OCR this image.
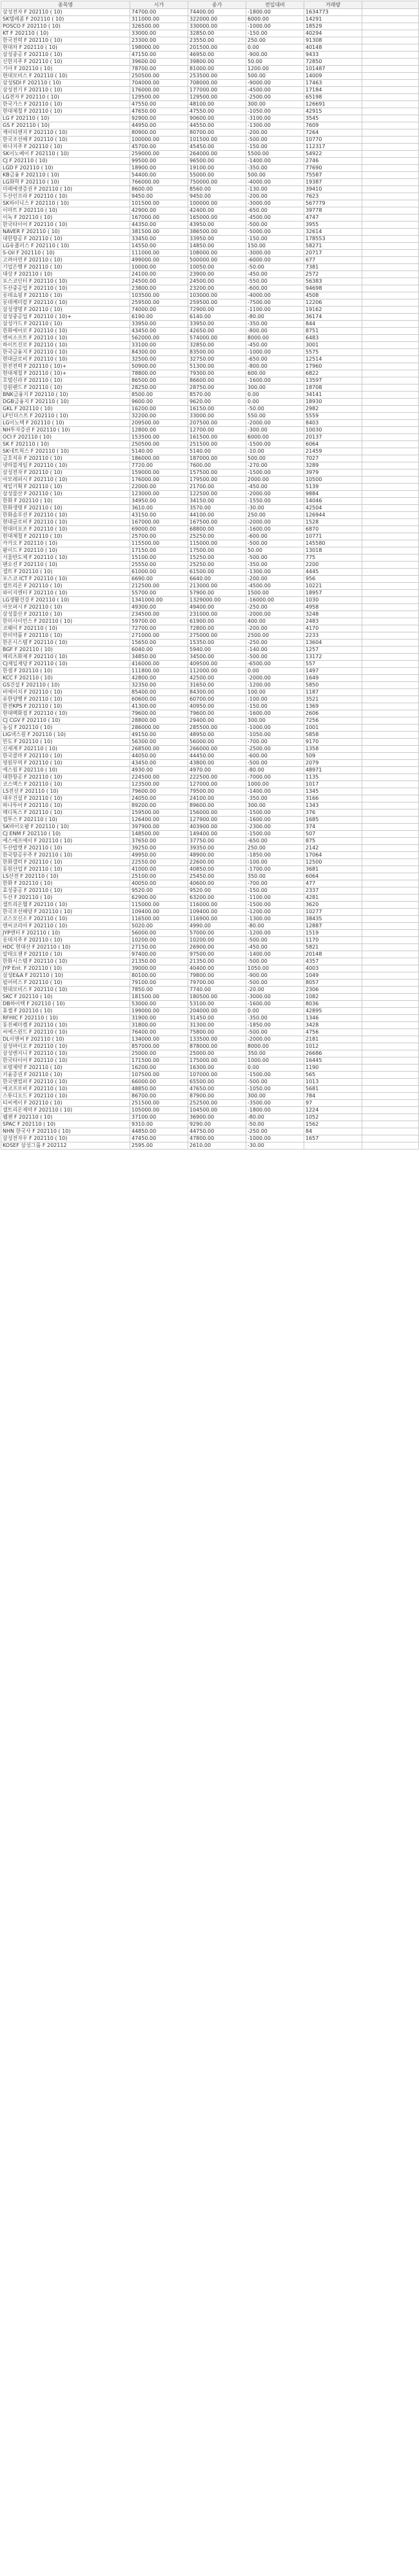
종목명	시가	종가	전일대비	거래량	
삼성전자 F 202110 ( 10)	74700.00	74400.00	-1800.00	1634773	
SK텔레콤 F 202110 ( 10)	311000.00	322000.00	6000.00	14291	
POSCO F 202110 ( 10)	326500.00	330000.00	-1000.00	18529	
KT F 202110 ( 10)	33000.00	32850.00	-150.00	40294	
한국전력 F 202110 ( 10)	23300.00	23550.00	250.00	91308	
현대차 F 202110 ( 10)	198000.00	201500.00	0.00	40148	
삼성중공 F 202110 ( 10)	47150.00	46950.00	-900.00	9433	
신한지주 F 202110 ( 10)	39600.00	39800.00	50.00	72850	
기아 F 202110 ( 10)	78700.00	81000.00	1200.00	101487	
현대모비스 F 202110 ( 10)	250500.00	253500.00	500.00	14009	
삼성SDI F 202110 ( 10)	704000.00	708000.00	-9000.00	17463	
삼성전기 F 202110 ( 10)	176000.00	177000.00	-4500.00	17184	
LG전자 F 202110 ( 10)	129500.00	129500.00	-2500.00	65198	
한국가스 F 202110 ( 10)	47550.00	48100.00	300.00	126691	
현대제철 F 202110 ( 10)	47650.00	47550.00	-1050.00	42915	
LG F 202110 ( 10)	92900.00	90600.00	-3100.00	3545	
GS F 202110 ( 10)	44950.00	44550.00	-1300.00	7609	
케이티앤지 F 202110 ( 10)	80900.00	80700.00	-200.00	7264	
한국조선해 F 202110 ( 10)	100000.00	101500.00	-500.00	10770	
하나지주 F 202110 ( 10)	45700.00	45450.00	-150.00	112317	
SK이노베이 F 202110 ( 10)	259000.00	264000.00	5500.00	54922	
CJ F 202110 ( 10)	99500.00	96500.00	-1400.00	2746	
LGD F 202110 ( 10)	18900.00	19100.00	-350.00	77690	
KB금융 F 202110 ( 10)	54400.00	55000.00	500.00	75587	
LG화학 F 202110 ( 10)	766000.00	750000.00	-4000.00	19387	
미래에셋증권 F 202110 ( 10)	8600.00	8560.00	-130.00	39410	
두산인프라 F 202110 ( 10)	9450.00	9450.00	-200.00	7623	
SK하이닉스 F 202110 ( 10)	101500.00	100000.00	-3000.00	567779	
이마트 F 202110 ( 10)	42900.00	42400.00	-650.00	39778	
이녹 F 202110 ( 10)	167000.00	165000.00	-4500.00	4747	
한국타이어 F 202110 ( 10)	44350.00	43950.00	-500.00	3955	
NAVER F 202110 ( 10)	381500.00	386500.00	-5000.00	32614	
대한항공 F 202110 ( 10)	33450.00	33950.00	-150.00	178553	
LG유플러스 F 202110 ( 10)	14550.00	14850.00	150.00	58271	
S-Oil F 202110 ( 10)	111000.00	108000.00	-3000.00	20717	
고려아연 F 202110 ( 10)	499000.00	500000.00	-6000.00	677	
기업은행 F 202110 ( 10)	10000.00	10050.00	-50.00	7381	
대상 F 202110 ( 10)	24100.00	23900.00	-450.00	2572	
포스코인터 F 202110 ( 10)	24500.00	24500.00	-550.00	56383	
두산중공업 F 202110 ( 10)	23800.00	23200.00	-600.00	94698	
롯데쇼핑 F 202110 ( 10)	103500.00	103000.00	-4000.00	4508	
롯데케미칼 F 202110 ( 10)	259500.00	259500.00	-7500.00	12206	
삼성생명 F 202110 ( 10)	74000.00	72900.00	-1100.00	19162	
삼성중공업 F 202110 ( 10)+	6190.00	6140.00	-80.00	36174	
삼성카드 F 202110 ( 10)	33950.00	33950.00	-350.00	844	
한화에어로 F 202110 ( 10)	43450.00	42650.00	-800.00	8751	
엔씨소프트 F 202110 ( 10)	562000.00	574000.00	8000.00	6483	
하이트진로 F 202110 ( 10)	33100.00	32850.00	-450.00	3001	
한국금융지 F 202110 ( 10)	84300.00	83500.00	-1000.00	5575	
현대글로비 F 202110 ( 10)	32500.00	32750.00	-650.00	12514	
한전전력 F 202110 ( 10)+	50900.00	51300.00	-800.00	17960	
현대제철 F 202110 ( 10)+	78800.00	79300.00	600.00	6822	
호텔신라 F 202110 ( 10)	86500.00	86600.00	-1600.00	13597	
강원랜드 F 202110 ( 10)	28250.00	28750.00	300.00	18708	
BNK금융지 F 202110 ( 10)	8500.00	8570.00	0.00	34141	
DGB금융지 F 202110 ( 10)	9600.00	9620.00	0.00	18930	
GKL F 202110 ( 10)	16200.00	16150.00	-50.00	2982	
LF인더스트 F 202110 ( 10)	32200.00	33000.00	550.00	5559	
LG이노텍 F 202110 ( 10)	209500.00	207500.00	-2000.00	8403	
NH투자증권 F 202110 ( 10)	12800.00	12700.00	-300.00	10030	
OCI F 202110 ( 10)	153500.00	161500.00	6000.00	20137	
SK F 202110 ( 10)	250500.00	251500.00	-1500.00	6064	
SK네트웍스 F 202110 ( 10)	5140.00	5140.00	-10.00	21459	
금호석유 F 202110 ( 10)	186000.00	187000.00	500.00	7027	
넷마블게임 F 202110 ( 10)	7720.00	7600.00	-270.00	3289	
삼성전자 F 202110 ( 10)	159000.00	157500.00	-1500.00	3979	
아모레퍼시 F 202110 ( 10)	176000.00	179500.00	2000.00	10500	
제일기획 F 202110 ( 10)	22000.00	21700.00	-450.00	5139	
삼성물산 F 202110 ( 10)	123000.00	122500.00	-2000.00	9884	
한화 F 202110 ( 10)	34950.00	34150.00	-1550.00	14046	
한화생명 F 202110 ( 10)	3610.00	3570.00	-30.00	42504	
한화솔루션 F 202110 ( 10)	43150.00	44100.00	250.00	126944	
현대글로비 F 202110 ( 10)	167000.00	167500.00	-2000.00	1528	
현대미포조 F 202110 ( 10)	69000.00	68800.00	-1600.00	6870	
현대제철 F 202110 ( 10)	25700.00	25250.00	-600.00	10771	
카카오 F 202110 ( 10)	115500.00	115000.00	-500.00	145580	
팜이드 F 202110 ( 10)	17150.00	17500.00	50.00	13018	
서울반도체 F 202110 ( 10)	15100.00	15250.00	-500.00	775	
팬오션 F 202110 ( 10)	25550.00	25250.00	-350.00	2200	
셀트 F 202110 ( 10)	61000.00	61500.00	-1300.00	4445	
포스코 ICT F 202110 ( 10)	6690.00	6640.00	-200.00	956	
셀트리온 F 202110 ( 10)	212500.00	213000.00	-4500.00	10221	
와이지엔터 F 202110 ( 10)	55700.00	57900.00	1500.00	18957	
LG생활건강 F 202110 ( 10)	1341000.00	1329000.00	-16000.00	1030	
아모퍼시 F 202110 ( 10)	49300.00	49400.00	-250.00	4958	
삼성물산 F 202110 ( 10)	234500.00	231000.00	-2000.00	3248	
한미사이언스 F 202110 ( 10)	59700.00	61900.00	400.00	2483	
코웨이 F 202110 ( 10)	72700.00	72800.00	-200.00	4170	
한미약품 F 202110 ( 10)	271000.00	275000.00	2500.00	2233	
한온시스템 F 202110 ( 10)	15650.00	15350.00	-250.00	13604	
BGF F 202110 ( 10)	6040.00	5940.00	-140.00	1257	
메리츠화재 F 202110 ( 10)	34850.00	34500.00	-500.00	13172	
CJ제일제당 F 202110 ( 10)	416000.00	409500.00	-6500.00	557	
한샘 F 202110 ( 10)	111800.00	112000.00	0.00	1497	
KCC F 202110 ( 10)	42800.00	42500.00	-2000.00	1649	
GS건설 F 202110 ( 10)	32350.00	31650.00	-1200.00	5850	
비에이치 F 202110 ( 10)	85400.00	84300.00	100.00	1187	
유한양행 F 202110 ( 10)	60600.00	60700.00	-100.00	3521	
한전KPS F 202110 ( 10)	41300.00	40950.00	-150.00	1369	
현대백화점 F 202110 ( 10)	79600.00	79600.00	-1600.00	2606	
CJ CGV F 202110 ( 10)	28800.00	29400.00	300.00	7256	
농심 F 202110 ( 10)	286000.00	285500.00	-1000.00	1001	
LIG넥스원 F 202110 ( 10)	49150.00	48950.00	-1050.00	5858	
만도 F 202110 ( 10)	56300.00	56000.00	-700.00	9170	
신세계 F 202110 ( 10)	268500.00	266000.00	-2500.00	1358	
한국콜마 F 202110 ( 10)	44050.00	44450.00	-600.00	509	
영원무역 F 202110 ( 10)	43450.00	43800.00	-500.00	2079	
에스원 F 202110 ( 10)	4930.00	4970.00	-80.00	48971	
대한항공 F 202110 ( 10)	224500.00	222500.00	-7000.00	1135	
코스맥스 F 202110 ( 10)	123500.00	127000.00	1000.00	1017	
LS전선 F 202110 ( 10)	79600.00	79500.00	-1400.00	1345	
대우건설 F 202110 ( 10)	24050.00	24100.00	-350.00	3166	
하나투어 F 202110 ( 10)	89200.00	89600.00	300.00	1343	
메디톡스 F 202110 ( 10)	159500.00	156000.00	-1500.00	376	
컴투스 F 202110 ( 10)	126400.00	127900.00	-1600.00	1685	
SK바이오팜 F 202110 ( 10)	397900.00	403900.00	-2300.00	374	
CJ ENM F 202110 ( 10)	148500.00	149400.00	-1500.00	507	
에스에프에이 F 202110 ( 10)	37650.00	37750.00	-650.00	875	
두산밥캣 F 202110 ( 10)	39250.00	39350.00	250.00	2142	
한국항공우주 F 202110 ( 10)	49950.00	48900.00	-1850.00	17064	
한화갤럭 F 202110 ( 10)	22550.00	22600.00	-100.00	12500	
동원산업 F 202110 ( 10)	41000.00	40850.00	-1700.00	3681	
LS산전 F 202110 ( 10)	25100.00	25450.00	350.00	6064	
한화 F 202110 ( 10)	40050.00	40600.00	-700.00	477	
효성중공 F 202110 ( 10)	9520.00	9520.00	-150.00	2337	
두산 F 202110 ( 10)	62900.00	63200.00	-1100.00	4281	
셀트리온헬 F 202110 ( 10)	115000.00	116000.00	-1500.00	3620	
한국조선해양 F 202110 ( 10)	109400.00	109400.00	-1200.00	10277	
코스모신소 F 202110 ( 10)	116500.00	116900.00	-1300.00	38435	
엔씨코리아 F 202110 ( 10)	5020.00	4990.00	-80.00	12887	
JYP엔터 F 202110 ( 10)	56000.00	57000.00	-1200.00	1519	
롯데지주 F 202110 ( 10)	10200.00	10200.00	-500.00	1170	
HDC 현대산 F 202110 ( 10)	27150.00	26900.00	-450.00	5821	
알테오젠 F 202110 ( 10)	97400.00	97500.00	-1400.00	20148	
한화시스템 F 202110 ( 10)	21350.00	21350.00	-500.00	4357	
JYP Ent. F 202110 ( 10)	39000.00	40400.00	1050.00	4003	
삼성E&A F 202110 ( 10)	80100.00	79800.00	-900.00	1049	
펄어비스 F 202110 ( 10)	79100.00	79700.00	-500.00	8057	
현대모비스 F 202110 ( 10)	7850.00	7740.00	-20.00	2306	
SKC F 202110 ( 10)	181500.00	180500.00	-3000.00	1082	
DB하이텍 F 202110 ( 10)	53000.00	53100.00	-1600.00	8036	
휴젤 F 202110 ( 10)	199000.00	204000.00	0.00	42895	
RFHIC F 202110 ( 10)	31900.00	31450.00	-350.00	1346	
동진쎄미켐 F 202110 ( 10)	31800.00	31300.00	-1850.00	3428	
씨에스윈드 F 202110 ( 10)	76400.00	75800.00	-500.00	4756	
DL이앤씨 F 202110 ( 10)	134000.00	133500.00	-2000.00	2181	
삼성바이오 F 202110 ( 10)	857000.00	878000.00	8000.00	1012	
삼성엔지니 F 202110 ( 10)	25000.00	25000.00	350.00	26686	
한국타이어 F 202110 ( 10)	171500.00	175000.00	1000.00	16445	
보령제약 F 202110 ( 10)	16200.00	16300.00	0.00	1190	
키움증권 F 202110 ( 10)	107500.00	107000.00	-1500.00	565	
한국앤컴퍼 F 202110 ( 10)	66000.00	65500.00	-500.00	1013	
에코프로비 F 202110 ( 10)	48850.00	47650.00	-1050.00	5681	
스튜디오드 F 202110 ( 10)	86700.00	87900.00	300.00	784	
티씨케이 F 202110 ( 10)	251500.00	252500.00	-3500.00	97	
셀트리온제약 F 202110 ( 10)	105000.00	104500.00	-1800.00	1224	
웹젠 F 202110 ( 10)	37100.00	36900.00	-80.00	1052	
SPAC F 202110 ( 10)	9310.00	9290.00	-50.00	1562	
NHN 한국사 F 202110 ( 10)	44850.00	44750.00	-250.00	84	
삼성전자우 F 202110 ( 10)	47450.00	47800.00	-1000.00	1657	
KOSEF 삼성그룹 F 202112	2595.00	2610.00	-30.00		
